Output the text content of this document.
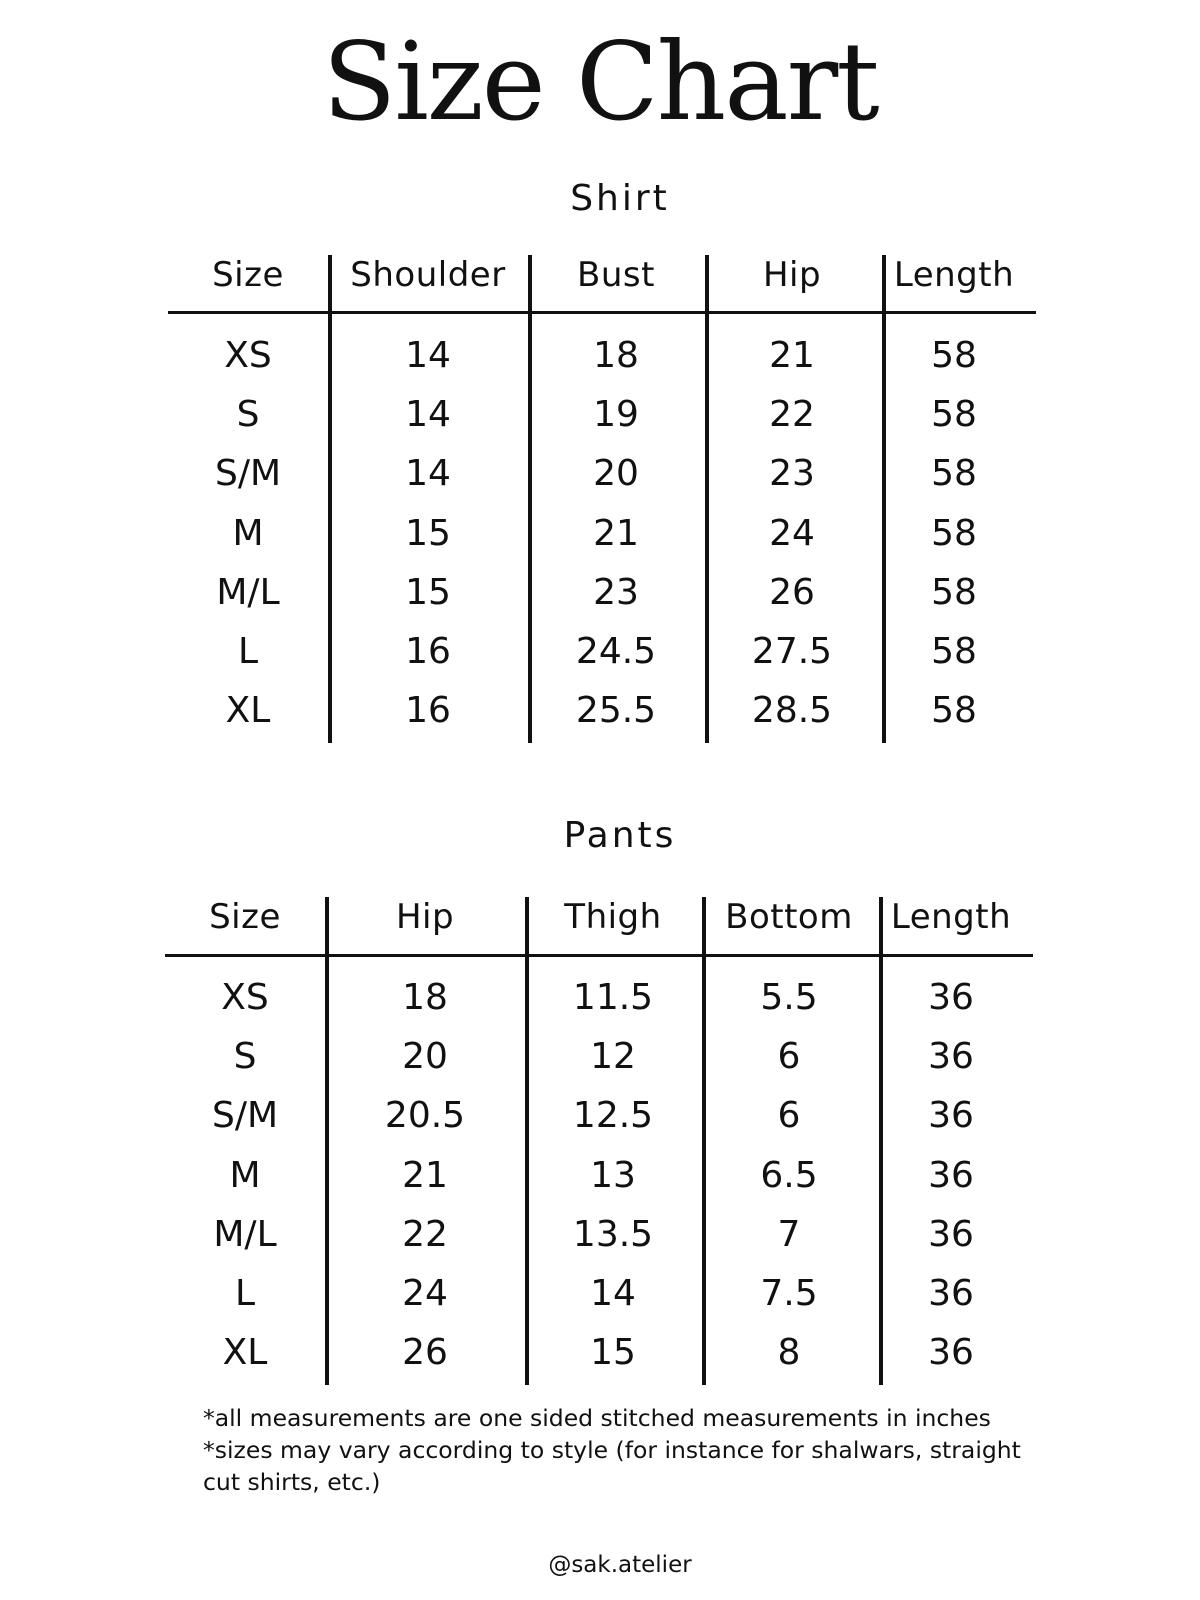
Size Chart
Shirt
Size	Shoulder	Bust	Hip	Length
XS	14	18	21	58
S	14	19	22	58
S/M	14	20	23	58
M	15	21	24	58
M/L	15	23	26	58
L	16	24.5	27.5	58
XL	16	25.5	28.5	58
Pants
Size	Hip	Thigh	Bottom	Length
XS	18	11.5	5.5	36
S	20	12	6	36
S/M	20.5	12.5	6	36
M	21	13	6.5	36
M/L	22	13.5	7	36
L	24	14	7.5	36
XL	26	15	8	36
*all measurements are one sided stitched measurements in inches
*sizes may vary according to style (for instance for shalwars, straight
cut shirts, etc.)
@sak.atelier
